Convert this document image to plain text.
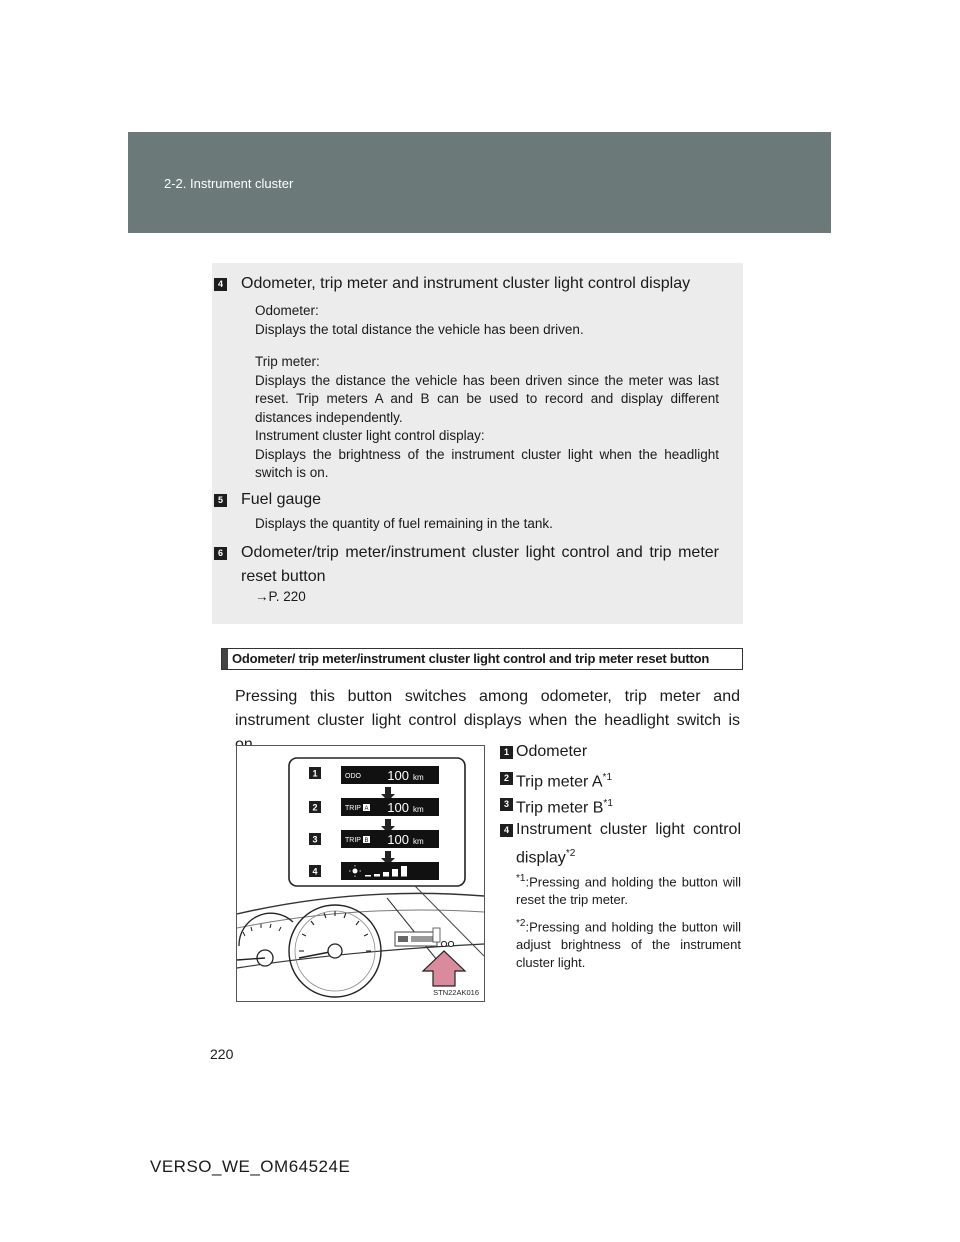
2-2. Instrument cluster
4 Odometer, trip meter and instrument cluster light control display
Odometer:
Displays the total distance the vehicle has been driven.
Trip meter:
Displays the distance the vehicle has been driven since the meter was last reset. Trip meters A and B can be used to record and display different distances independently.
Instrument cluster light control display:
Displays the brightness of the instrument cluster light when the headlight switch is on.
5 Fuel gauge
Displays the quantity of fuel remaining in the tank.
6 Odometer/trip meter/instrument cluster light control and trip meter reset button
→P. 220
Odometer/ trip meter/instrument cluster light control and trip meter reset button
Pressing this button switches among odometer, trip meter and instrument cluster light control displays when the headlight switch is
1
2
3
4
ODO 100 km
TRIP A 100 km
TRIP B 100 km
STN22AK016
1 Odometer
2 Trip meter $A^{*1}$
3 Trip meter $B^{*1}$
4 Instrument cluster light control display$^{*2}$
$^{*1}$:Pressing and holding the button will reset the trip meter.
$^{*2}$:Pressing and holding the button will adjust brightness of the instrument cluster light.
220
VERSO_WE_OM64524E
